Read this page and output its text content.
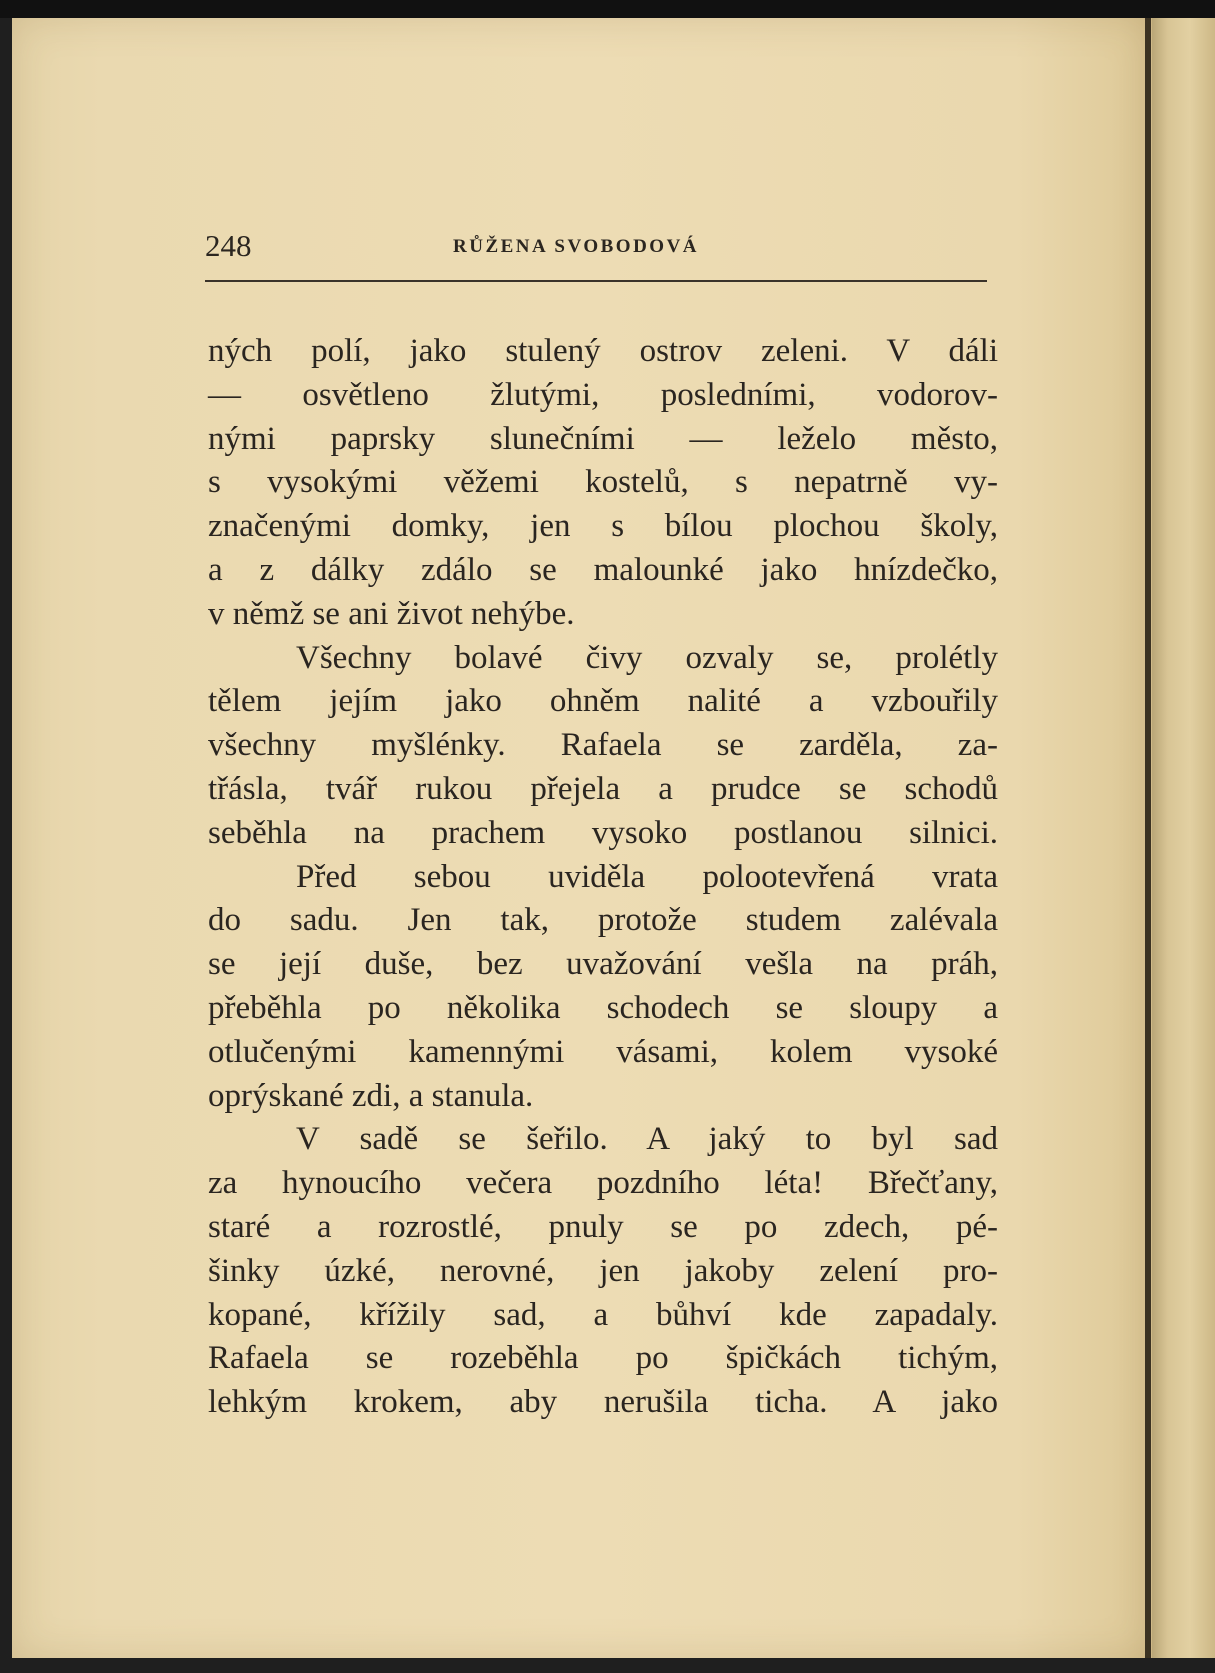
248	RŮŽENA SVOBODOVÁ
ných polí, jako stulený ostrov zeleni. V dáli
— osvětleno žlutými, posledními, vodorov-
nými paprsky slunečními — leželo město,
s vysokými věžemi kostelů, s nepatrně vy-
značenými domky, jen s bílou plochou školy,
a z dálky zdálo se malounké jako hnízdečko,
v němž se ani život nehýbe.
Všechny bolavé čivy ozvaly se, prolétly
tělem jejím jako ohněm nalité a vzbouřily
všechny myšlénky. Rafaela se zarděla, za-
třásla, tvář rukou přejela a prudce se schodů
seběhla na prachem vysoko postlanou silnici.
Před sebou uviděla polootevřená vrata
do sadu. Jen tak, protože studem zalévala
se její duše, bez uvažování vešla na práh,
přeběhla po několika schodech se sloupy a
otlučenými kamennými vásami, kolem vysoké
oprýskané zdi, a stanula.
V sadě se šeřilo. A jaký to byl sad
za hynoucího večera pozdního léta! Břečťany,
staré a rozrostlé, pnuly se po zdech, pé-
šinky úzké, nerovné, jen jakoby zelení pro-
kopané, křížily sad, a bůhví kde zapadaly.
Rafaela se rozeběhla po špičkách tichým,
lehkým krokem, aby nerušila ticha. A jako
